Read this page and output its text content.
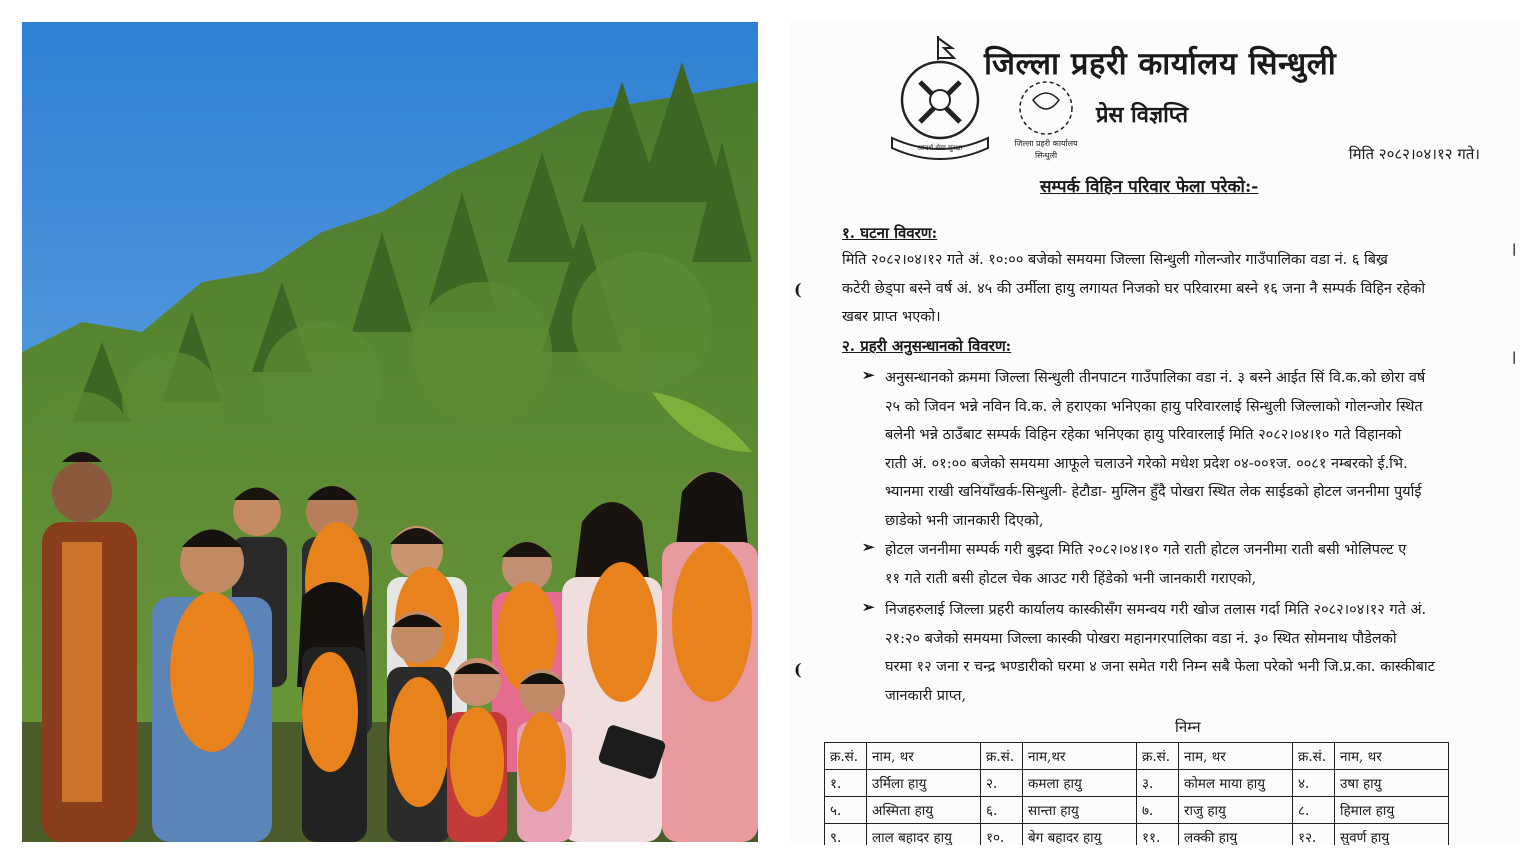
आदर्श सेवा सुरक्षा	जिल्ला प्रहरी कार्यालय
सिन्धुली
जिल्ला प्रहरी कार्यालय सिन्धुली
प्रेस विज्ञप्ति
मिति २०८२।०४।१२ गते।
सम्पर्क विहिन परिवार फेला परेको:-
१. घटना विवरण:
मिति २०८२।०४।१२ गते अं. १०:०० बजेको समयमा जिल्ला सिन्धुली गोलन्जोर गाउँपालिका वडा नं. ६ बिख्र
कटेरी छेड्पा बस्ने वर्ष अं. ४५ की उर्मीला हायु लगायत निजको घर परिवारमा बस्ने १६ जना नै सम्पर्क विहिन रहेको
खबर प्राप्त भएको।
२. प्रहरी अनुसन्धानको विवरण:
➢ अनुसन्धानको क्रममा जिल्ला सिन्धुली तीनपाटन गाउँपालिका वडा नं. ३ बस्ने आईत सिं वि.क.को छोरा वर्ष
२५ को जिवन भन्ने नविन वि.क. ले हराएका भनिएका हायु परिवारलाई सिन्धुली जिल्लाको गोलन्जोर स्थित
बलेनी भन्ने ठाउँबाट सम्पर्क विहिन रहेका भनिएका हायु परिवारलाई मिति २०८२।०४।१० गते विहानको
राती अं. ०१:०० बजेको समयमा आफूले चलाउने गरेको मधेश प्रदेश ०४-००१ज. ००८१ नम्बरको ई.भि.
भ्यानमा राखी खनियाँखर्क-सिन्धुली- हेटौडा- मुग्लिन हुँदै पोखरा स्थित लेक साईडको होटल जननीमा पुर्याई
छाडेको भनी जानकारी दिएको,
➢ होटल जननीमा सम्पर्क गरी बुझ्दा मिति २०८२।०४।१० गते राती होटल जननीमा राती बसी भोलिपल्ट ए
११ गते राती बसी होटल चेक आउट गरी हिंडेको भनी जानकारी गराएको,
➢ निजहरुलाई जिल्ला प्रहरी कार्यालय कास्कीसँग समन्वय गरी खोज तलास गर्दा मिति २०८२।०४।१२ गते अं.
२१:२० बजेको समयमा जिल्ला कास्की पोखरा महानगरपालिका वडा नं. ३० स्थित सोमनाथ पौडेलको
घरमा १२ जना र चन्द्र भण्डारीको घरमा ४ जना समेत गरी निम्न सबै फेला परेको भनी जि.प्र.का. कास्कीबाट
जानकारी प्राप्त,
(
(
|
|
निम्न
क्र.सं.	नाम, थर	क्र.सं.	नाम,थर	क्र.सं.	नाम, थर	क्र.सं.	नाम, थर
१.	उर्मिला हायु	२.	कमला हायु	३.	कोमल माया हायु	४.	उषा हायु
५.	अस्मिता हायु	६.	सान्ता हायु	७.	राजु हायु	८.	हिमाल हायु
९.	लाल बहादर हायु	१०.	बेग बहादर हायु	११.	लक्की हायु	१२.	सुवर्ण हायु
